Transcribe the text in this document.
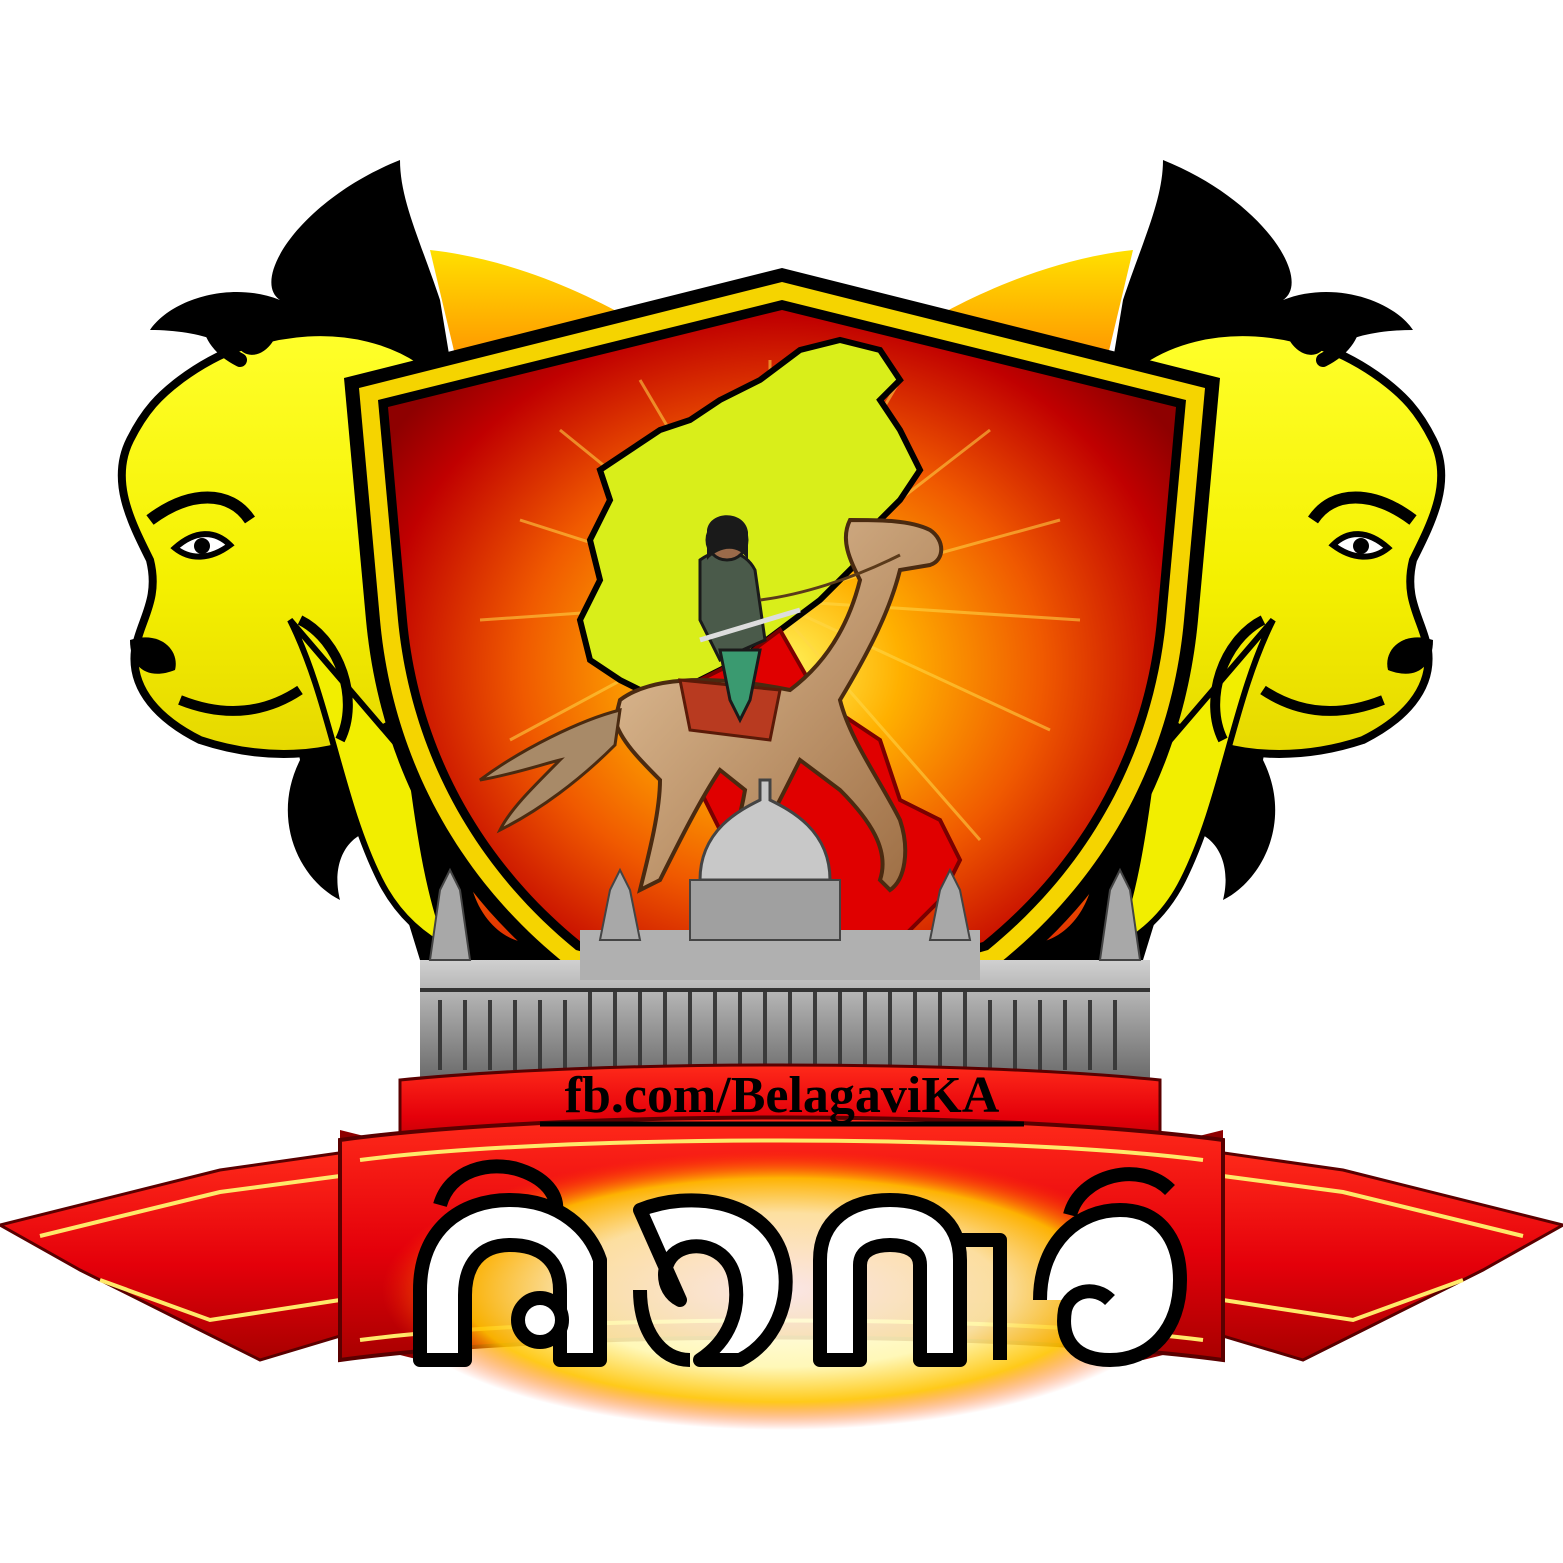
fb.com/BelagaviKA
